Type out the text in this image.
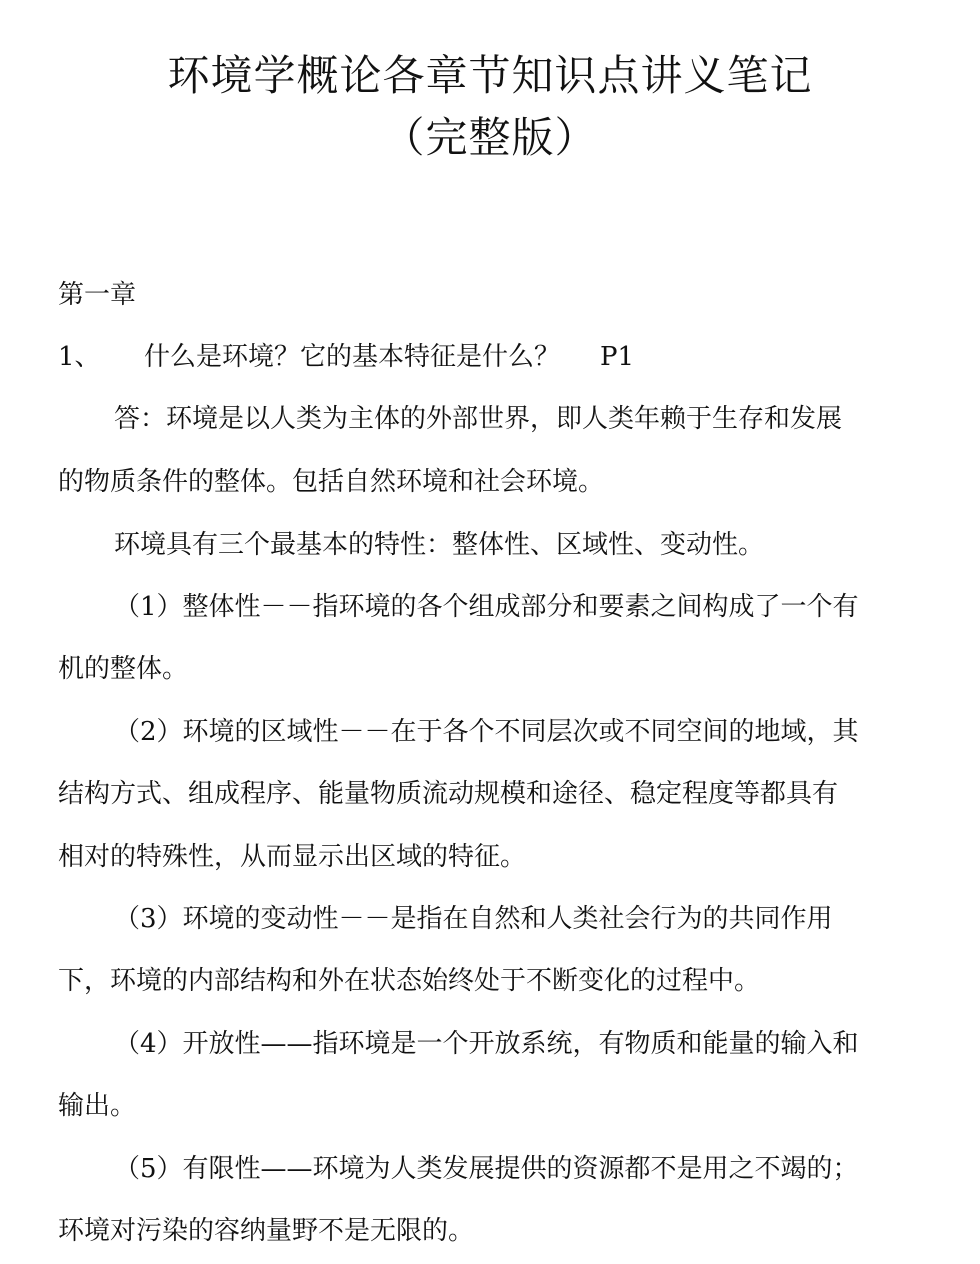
环境学概论各章节知识点讲义笔记
（完整版）
第一章
1、 什么是环境？它的基本特征是什么？ P1
答：环境是以人类为主体的外部世界，即人类年赖于生存和发展
的物质条件的整体。包括自然环境和社会环境。
环境具有三个最基本的特性：整体性、区域性、变动性。
（1）整体性－－指环境的各个组成部分和要素之间构成了一个有
机的整体。
（2）环境的区域性－－在于各个不同层次或不同空间的地域，其
结构方式、组成程序、能量物质流动规模和途径、稳定程度等都具有
相对的特殊性，从而显示出区域的特征。
（3）环境的变动性－－是指在自然和人类社会行为的共同作用
下，环境的内部结构和外在状态始终处于不断变化的过程中。
（4）开放性——指环境是一个开放系统，有物质和能量的输入和
输出。
（5）有限性——环境为人类发展提供的资源都不是用之不竭的；
环境对污染的容纳量野不是无限的。
